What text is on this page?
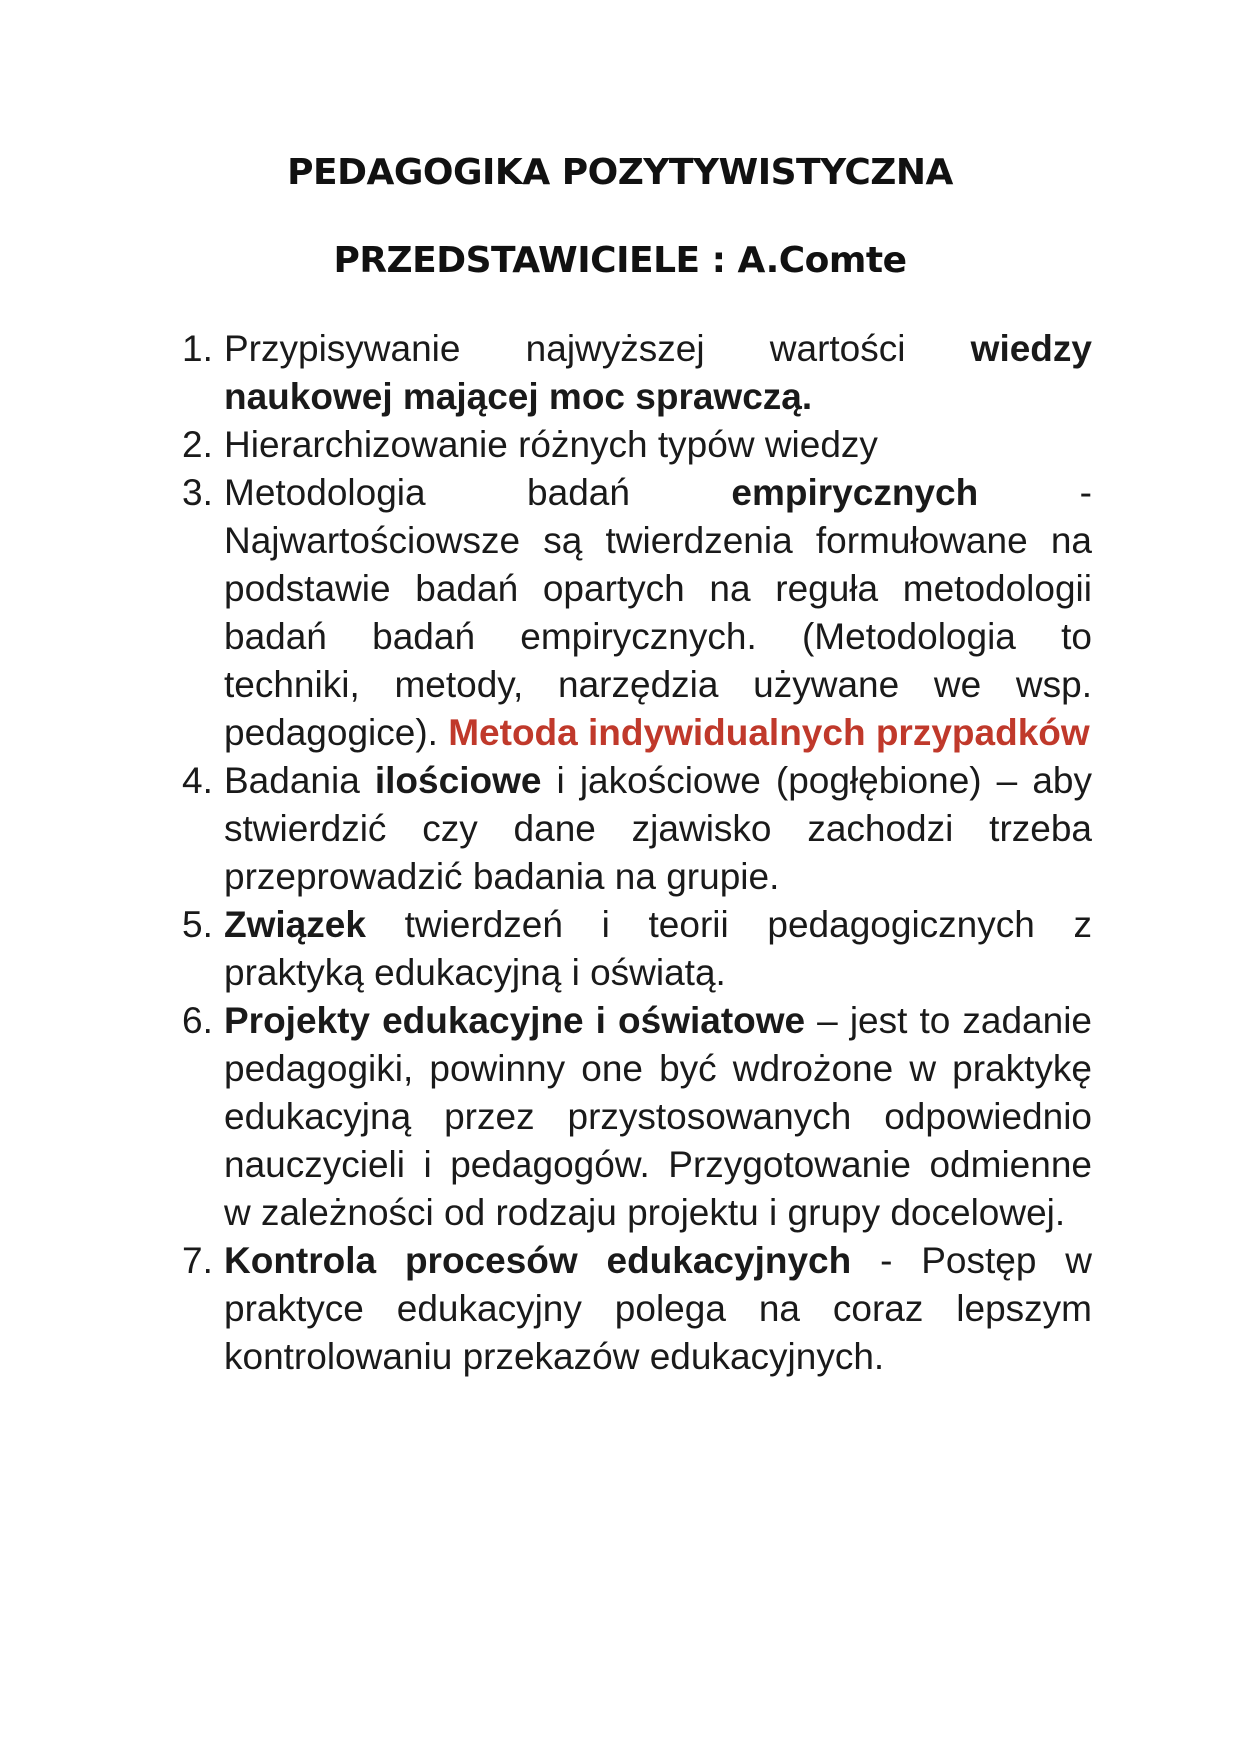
PEDAGOGIKA POZYTYWISTYCZNA
PRZEDSTAWICIELE : A.Comte
1. Przypisywanie najwyższej wartości wiedzy naukowej mającej moc sprawczą.
2. Hierarchizowanie różnych typów wiedzy
3. Metodologia badań empirycznych - Najwartościowsze są twierdzenia formułowane na podstawie badań opartych na reguła metodologii badań badań empirycznych. (Metodologia to techniki, metody, narzędzia używane we wsp. pedagogice). Metoda indywidualnych przypadków
4. Badania ilościowe i jakościowe (pogłębione) – aby stwierdzić czy dane zjawisko zachodzi trzeba przeprowadzić badania na grupie.
5. Związek twierdzeń i teorii pedagogicznych z praktyką edukacyjną i oświatą.
6. Projekty edukacyjne i oświatowe – jest to zadanie pedagogiki, powinny one być wdrożone w praktykę edukacyjną przez przystosowanych odpowiednio nauczycieli i pedagogów. Przygotowanie odmienne w zależności od rodzaju projektu i grupy docelowej.
7. Kontrola procesów edukacyjnych - Postęp w praktyce edukacyjny polega na coraz lepszym kontrolowaniu przekazów edukacyjnych.
